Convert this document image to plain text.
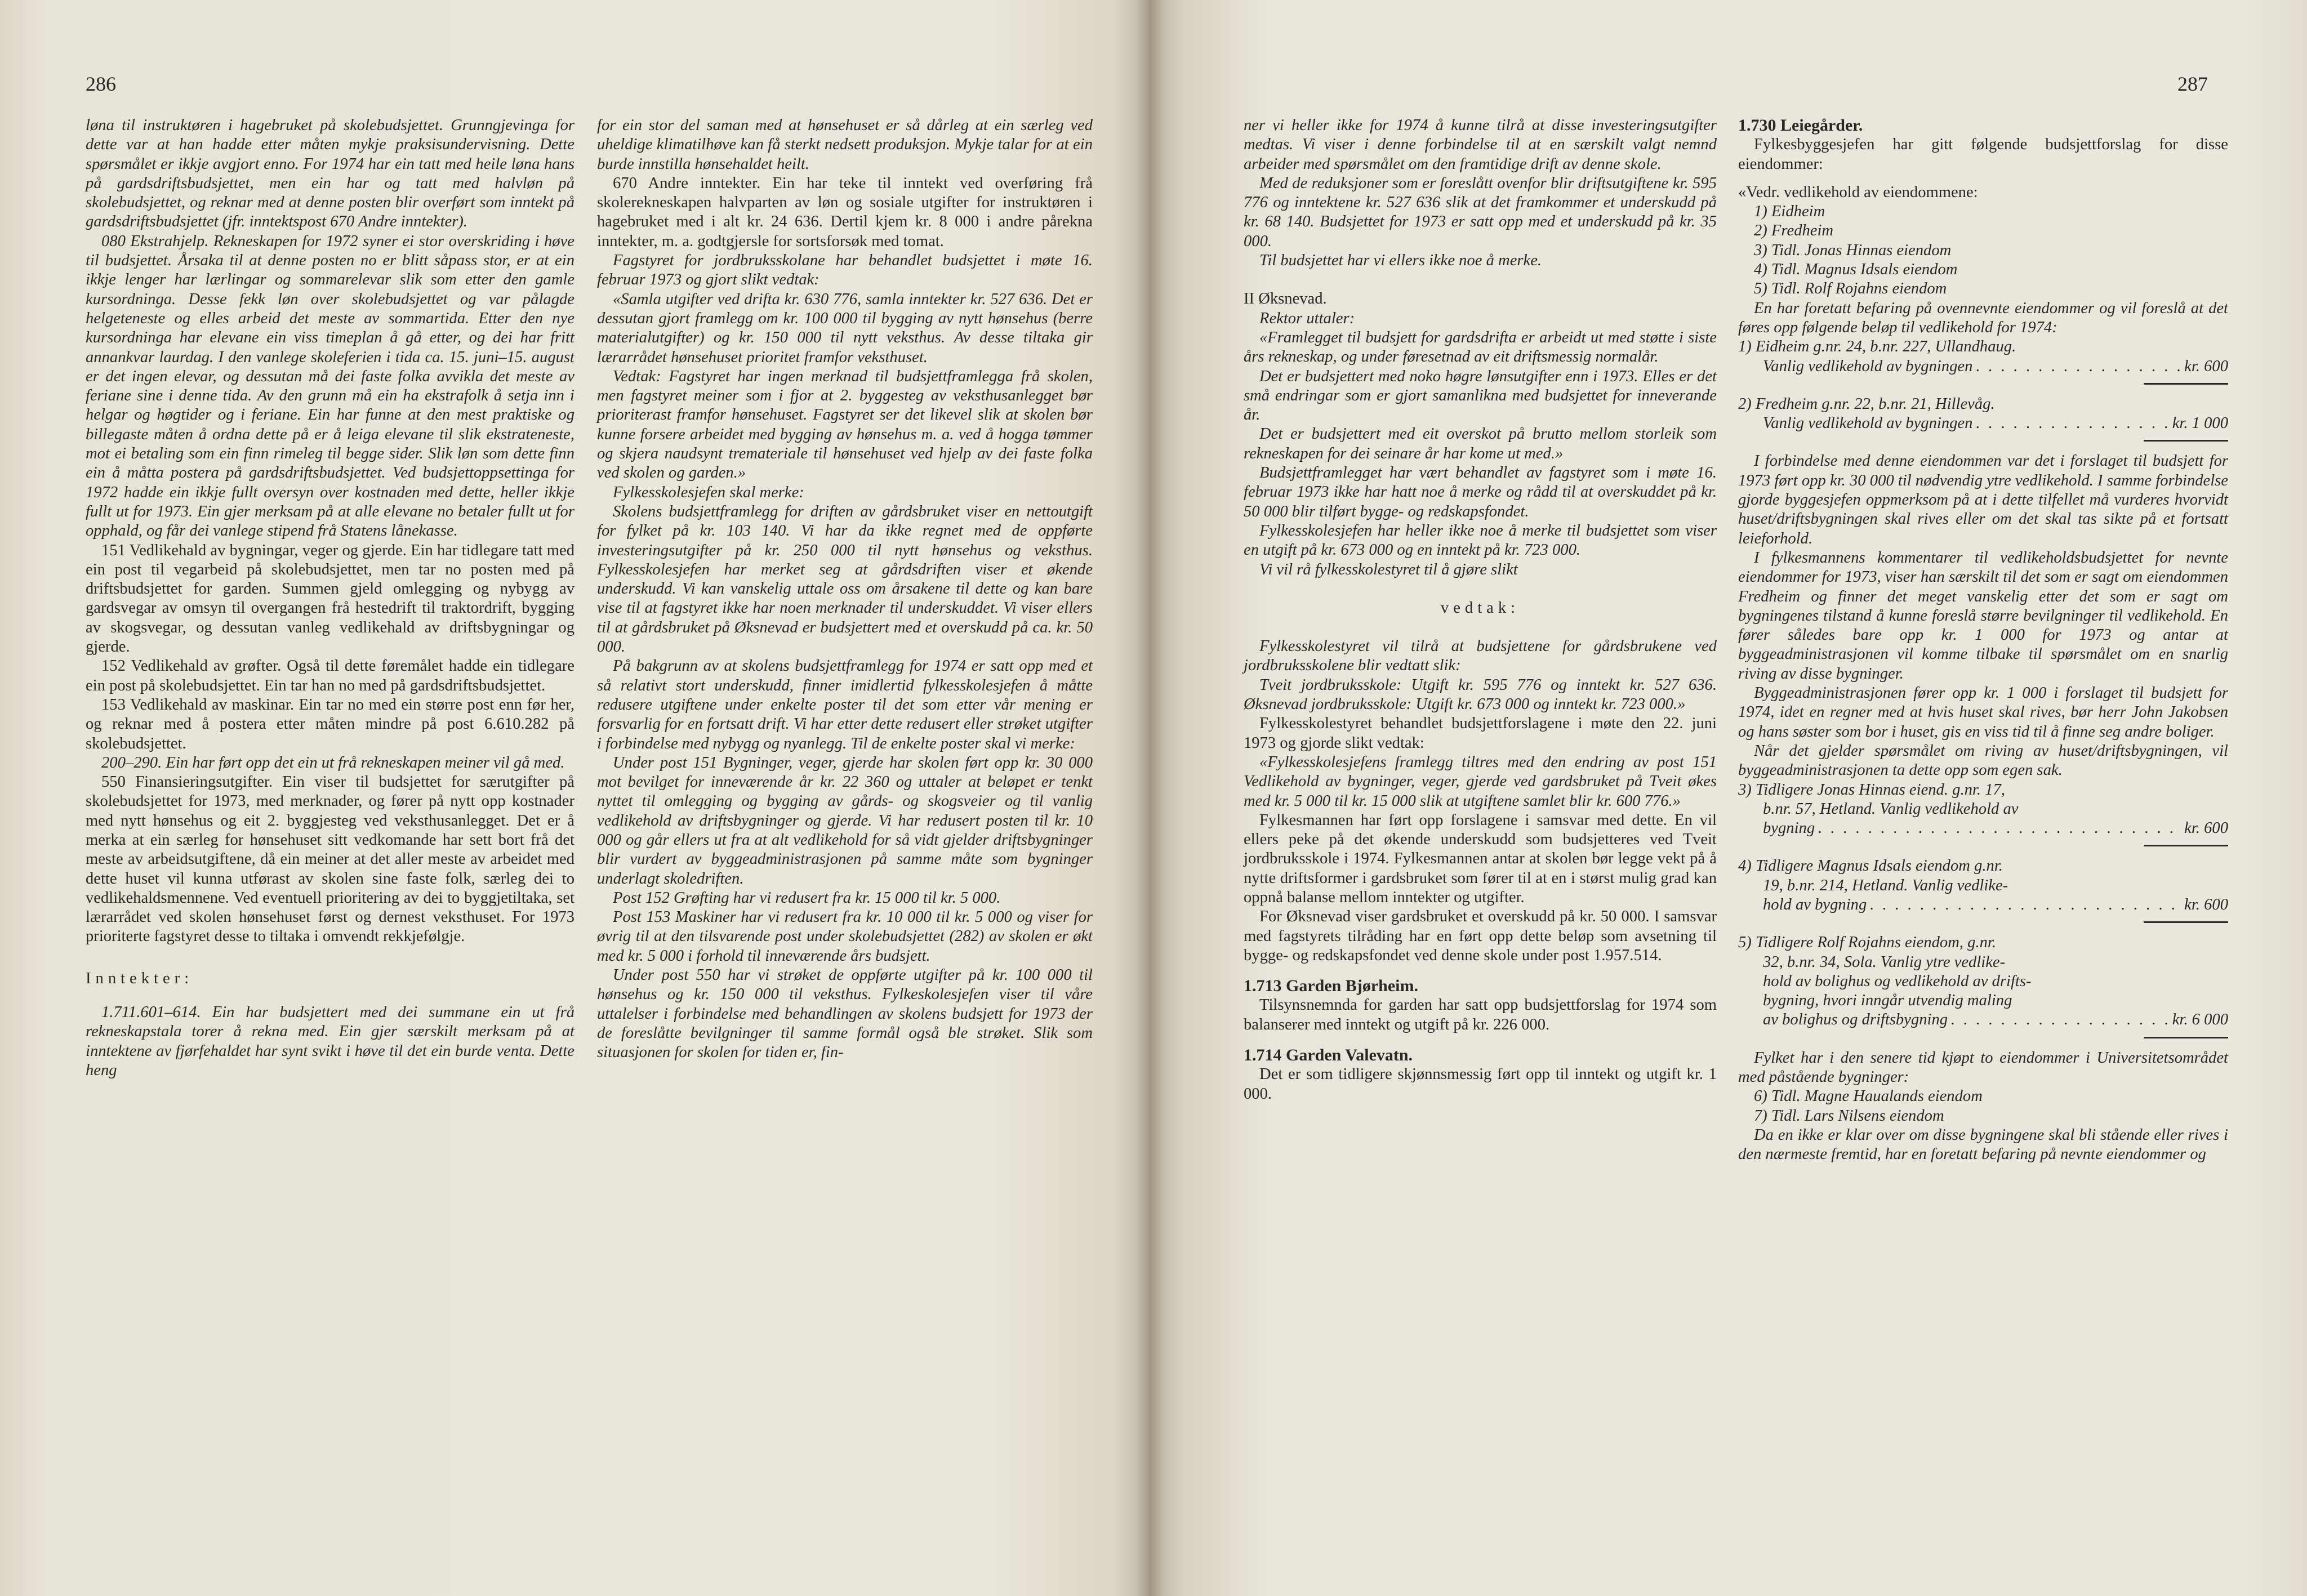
286

løna til instruktøren i hagebruket på skolebudsjettet. Grunngjevinga for dette var at han hadde etter måten mykje praksisundervisning. Dette spørsmålet er ikkje avgjort enno. For 1974 har ein tatt med heile løna hans på gardsdriftsbudsjettet, men ein har og tatt med halvløn på skolebudsjettet, og reknar med at denne posten blir overført som inntekt på gardsdriftsbudsjettet (jfr. inntektspost 670 Andre inntekter).

080 Ekstrahjelp. Rekneskapen for 1972 syner ei stor overskriding i høve til budsjettet. Årsaka til at denne posten no er blitt såpass stor, er at ein ikkje lenger har lærlingar og sommarelevar slik som etter den gamle kursordninga. Desse fekk løn over skolebudsjettet og var pålagde helgeteneste og elles arbeid det meste av sommartida. Etter den nye kursordninga har elevane ein viss timeplan å gå etter, og dei har fritt annankvar laurdag. I den vanlege skoleferien i tida ca. 15. juni–15. august er det ingen elevar, og dessutan må dei faste folka avvikla det meste av feriane sine i denne tida. Av den grunn må ein ha ekstrafolk å setja inn i helgar og høgtider og i feriane. Ein har funne at den mest praktiske og billegaste måten å ordna dette på er å leiga elevane til slik ekstrateneste, mot ei betaling som ein finn rimeleg til begge sider. Slik løn som dette finn ein å måtta postera på gardsdriftsbudsjettet. Ved budsjettoppsettinga for 1972 hadde ein ikkje fullt oversyn over kostnaden med dette, heller ikkje fullt ut for 1973. Ein gjer merksam på at alle elevane no betaler fullt ut for opphald, og får dei vanlege stipend frå Statens lånekasse.

151 Vedlikehald av bygningar, veger og gjerde. Ein har tidlegare tatt med ein post til vegarbeid på skolebudsjettet, men tar no posten med på driftsbudsjettet for garden. Summen gjeld omlegging og nybygg av gardsvegar av omsyn til overgangen frå hestedrift til traktordrift, bygging av skogsvegar, og dessutan vanleg vedlikehald av driftsbygningar og gjerde.

152 Vedlikehald av grøfter. Også til dette føremålet hadde ein tidlegare ein post på skolebudsjettet. Ein tar han no med på gardsdriftsbudsjettet.

153 Vedlikehald av maskinar. Ein tar no med ein større post enn før her, og reknar med å postera etter måten mindre på post 6.610.282 på skolebudsjettet.

200–290. Ein har ført opp det ein ut frå rekneskapen meiner vil gå med.

550 Finansieringsutgifter. Ein viser til budsjettet for særutgifter på skolebudsjettet for 1973, med merknader, og fører på nytt opp kostnader med nytt hønsehus og eit 2. byggjesteg ved veksthusanlegget. Det er å merka at ein særleg for hønsehuset sitt vedkomande har sett bort frå det meste av arbeidsutgiftene, då ein meiner at det aller meste av arbeidet med dette huset vil kunna utførast av skolen sine faste folk, særleg dei to vedlikehaldsmennene. Ved eventuell prioritering av dei to byggjetiltaka, set lærarrådet ved skolen hønsehuset først og dernest veksthuset. For 1973 prioriterte fagstyret desse to tiltaka i omvendt rekkjefølgje.

Inntekter:

1.711.601–614. Ein har budsjettert med dei summane ein ut frå rekneskapstala torer å rekna med. Ein gjer særskilt merksam på at inntektene av fjørfehaldet har synt svikt i høve til det ein burde venta. Dette heng

for ein stor del saman med at hønsehuset er så dårleg at ein særleg ved uheldige klimatilhøve kan få sterkt nedsett produksjon. Mykje talar for at ein burde innstilla hønsehaldet heilt.

670 Andre inntekter. Ein har teke til inntekt ved overføring frå skolerekneskapen halvparten av løn og sosiale utgifter for instruktøren i hagebruket med i alt kr. 24 636. Dertil kjem kr. 8 000 i andre påreknа inntekter, m. a. godtgjersle for sortsforsøk med tomat.

Fagstyret for jordbruksskolane har behandlet budsjettet i møte 16. februar 1973 og gjort slikt vedtak:

«Samla utgifter ved drifta kr. 630 776, samla inntekter kr. 527 636. Det er dessutan gjort framlegg om kr. 100 000 til bygging av nytt hønsehus (berre materialutgifter) og kr. 150 000 til nytt veksthus. Av desse tiltaka gir lærarrådet hønsehuset prioritet framfor veksthuset.

Vedtak: Fagstyret har ingen merknad til budsjettframlegga frå skolen, men fagstyret meiner som i fjor at 2. byggesteg av veksthusanlegget bør prioriterast framfor hønsehuset. Fagstyret ser det likevel slik at skolen bør kunne forsere arbeidet med bygging av hønsehus m. a. ved å hogga tømmer og skjera naudsynt trematerialе til hønsehuset ved hjelp av dei faste folka ved skolen og garden.»

Fylkesskolesjefen skal merke:

Skolens budsjettframlegg for driften av gårdsbruket viser en nettoutgift for fylket på kr. 103 140. Vi har da ikke regnet med de oppførte investeringsutgifter på kr. 250 000 til nytt hønsehus og veksthus. Fylkesskolesjefen har merket seg at gårdsdriften viser et økende underskudd. Vi kan vanskelig uttale oss om årsakene til dette og kan bare vise til at fagstyret ikke har noen merknader til underskuddet. Vi viser ellers til at gårdsbruket på Øksnevad er budsjettert med et overskudd på ca. kr. 50 000.

På bakgrunn av at skolens budsjettframlegg for 1974 er satt opp med et så relativt stort underskudd, finner imidlertid fylkesskolesjefen å måtte redusere utgiftene under enkelte poster til det som etter vår mening er forsvarlig for en fortsatt drift. Vi har etter dette redusert eller strøket utgifter i forbindelse med nybygg og nyanlegg. Til de enkelte poster skal vi merke:

Under post 151 Bygninger, veger, gjerde har skolen ført opp kr. 30 000 mot bevilget for inneværende år kr. 22 360 og uttaler at beløpet er tenkt nyttet til omlegging og bygging av gårds- og skogsveier og til vanlig vedlikehold av driftsbygninger og gjerde. Vi har redusert posten til kr. 10 000 og går ellers ut fra at alt vedlikehold for så vidt gjelder driftsbygninger blir vurdert av byggeadministrasjonen på samme måte som bygninger underlagt skoledriften.

Post 152 Grøfting har vi redusert fra kr. 15 000 til kr. 5 000.

Post 153 Maskiner har vi redusert fra kr. 10 000 til kr. 5 000 og viser for øvrig til at den tilsvarende post under skolebudsjettet (282) av skolen er økt med kr. 5 000 i forhold til inneværende års budsjett.

Under post 550 har vi strøket de oppførte utgifter på kr. 100 000 til hønsehus og kr. 150 000 til veksthus. Fylkeskolesjefen viser til våre uttalelser i forbindelse med behandlingen av skolens budsjett for 1973 der de foreslåtte bevilgninger til samme formål også ble strøket. Slik som situasjonen for skolen for tiden er, fin-

287

ner vi heller ikke for 1974 å kunne tilrå at disse investeringsutgifter medtas. Vi viser i denne forbindelse til at en særskilt valgt nemnd arbeider med spørsmålet om den framtidige drift av denne skole.

Med de reduksjoner som er foreslått ovenfor blir driftsutgiftene kr. 595 776 og inntektene kr. 527 636 slik at det framkommer et underskudd på kr. 68 140. Budsjettet for 1973 er satt opp med et underskudd på kr. 35 000.

Til budsjettet har vi ellers ikke noe å merke.

II Øksnevad.

Rektor uttaler:

«Framlegget til budsjett for gardsdrifta er arbeidt ut med støtte i siste års rekneskap, og under føresetnad av eit driftsmessig normalår.

Det er budsjettert med noko høgre lønsutgifter enn i 1973. Elles er det små endringar som er gjort samanlikna med budsjettet for inneverande år.

Det er budsjettert med eit overskot på brutto mellom storleik som rekneskapen for dei seinare år har kome ut med.»

Budsjettframlegget har vært behandlet av fagstyret som i møte 16. februar 1973 ikke har hatt noe å merke og rådd til at overskuddet på kr. 50 000 blir tilført bygge- og redskapsfondet.

Fylkesskolesjefen har heller ikke noe å merke til budsjettet som viser en utgift på kr. 673 000 og en inntekt på kr. 723 000.

Vi vil rå fylkesskolestyret til å gjøre slikt

vedtak:

Fylkesskolestyret vil tilrå at budsjettene for gårdsbrukene ved jordbruksskolene blir vedtatt slik:

Tveit jordbruksskole: Utgift kr. 595 776 og inntekt kr. 527 636. Øksnevad jordbruksskole: Utgift kr. 673 000 og inntekt kr. 723 000.»

Fylkesskolestyret behandlet budsjettforslagene i møte den 22. juni 1973 og gjorde slikt vedtak:

«Fylkesskolesjefens framlegg tiltres med den endring av post 151 Vedlikehold av bygninger, veger, gjerde ved gardsbruket på Tveit økes med kr. 5 000 til kr. 15 000 slik at utgiftene samlet blir kr. 600 776.»

Fylkesmannen har ført opp forslagene i samsvar med dette. En vil ellers peke på det økende underskudd som budsjetteres ved Tveit jordbruksskole i 1974. Fylkesmannen antar at skolen bør legge vekt på å nytte driftsformer i gardsbruket som fører til at en i størst mulig grad kan oppnå balanse mellom inntekter og utgifter.

For Øksnevad viser gardsbruket et overskudd på kr. 50 000. I samsvar med fagstyrets tilråding har en ført opp dette beløp som avsetning til bygge- og redskapsfondet ved denne skole under post 1.957.514.

1.713 Garden Bjørheim.

Tilsynsnemnda for garden har satt opp budsjettforslag for 1974 som balanserer med inntekt og utgift på kr. 226 000.

1.714 Garden Valevatn.

Det er som tidligere skjønnsmessig ført opp til inntekt og utgift kr. 1 000.

1.730 Leiegårder.

Fylkesbyggesjefen har gitt følgende budsjettforslag for disse eiendommer:

«Vedr. vedlikehold av eiendommene:

1) Eidheim

2) Fredheim

3) Tidl. Jonas Hinnas eiendom

4) Tidl. Magnus Idsals eiendom

5) Tidl. Rolf Rojahns eiendom

En har foretatt befaring på ovennevnte eiendommer og vil foreslå at det føres opp følgende beløp til vedlikehold for 1974:

1) Eidheim g.nr. 24, b.nr. 227, Ullandhaug.

Vanlig vedlikehold av bygningen . . .	kr. 600

2) Fredheim g.nr. 22, b.nr. 21, Hillevåg.

Vanlig vedlikehold av bygningen . . .	kr. 1 000

I forbindelse med denne eiendommen var det i forslaget til budsjett for 1973 ført opp kr. 30 000 til nødvendig ytre vedlikehold. I samme forbindelse gjorde byggesjefen oppmerksom på at i dette tilfellet må vurderes hvorvidt huset/driftsbygningen skal rives eller om det skal tas sikte på et fortsatt leieforhold.

I fylkesmannens kommentarer til vedlikeholdsbudsjettet for nevnte eiendommer for 1973, viser han særskilt til det som er sagt om eiendommen Fredheim og finner det meget vanskelig etter det som er sagt om bygningenes tilstand å kunne foreslå større bevilgninger til vedlikehold. En fører således bare opp kr. 1 000 for 1973 og antar at byggeadministrasjonen vil komme tilbake til spørsmålet om en snarlig riving av disse bygninger.

Byggeadministrasjonen fører opp kr. 1 000 i forslaget til budsjett for 1974, idet en regner med at hvis huset skal rives, bør herr John Jakobsen og hans søster som bor i huset, gis en viss tid til å finne seg andre boliger.

Når det gjelder spørsmålet om riving av huset/driftsbygningen, vil byggeadministrasjonen ta dette opp som egen sak.

3) Tidligere Jonas Hinnas eiend. g.nr. 17,

b.nr. 57, Hetland. Vanlig vedlikehold av

bygning . . .	kr. 600

4) Tidligere Magnus Idsals eiendom g.nr.

19, b.nr. 214, Hetland. Vanlig vedlike-

hold av bygning . . .	kr. 600

5) Tidligere Rolf Rojahns eiendom, g.nr.

32, b.nr. 34, Sola. Vanlig ytre vedlike-

hold av bolighus og vedlikehold av drifts-

bygning, hvori inngår utvendig maling

av bolighus og driftsbygning . . .	kr. 6 000

Fylket har i den senere tid kjøpt to eiendommer i Universitetsområdet med påstående bygninger:

6) Tidl. Magne Haualands eiendom

7) Tidl. Lars Nilsens eiendom

Da en ikke er klar over om disse bygningene skal bli stående eller rives i den nærmeste fremtid, har en foretatt befaring på nevnte eiendommer og
